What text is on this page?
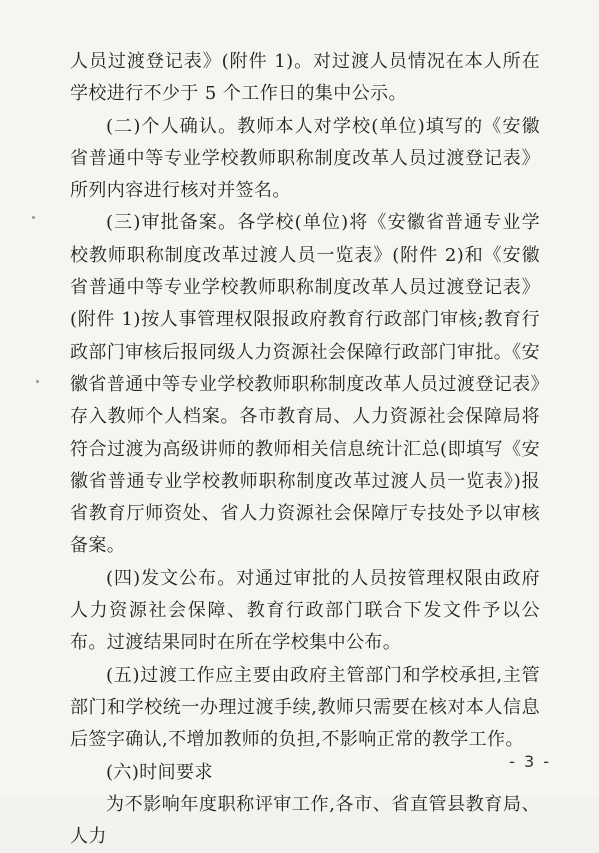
人员过渡登记表》(附件 1)。对过渡人员情况在本人所在学校进行不少于 5 个工作日的集中公示。

(二)个人确认。教师本人对学校(单位)填写的《安徽省普通中等专业学校教师职称制度改革人员过渡登记表》所列内容进行核对并签名。

(三)审批备案。各学校(单位)将《安徽省普通专业学校教师职称制度改革过渡人员一览表》(附件 2)和《安徽省普通中等专业学校教师职称制度改革人员过渡登记表》(附件 1)按人事管理权限报政府教育行政部门审核;教育行政部门审核后报同级人力资源社会保障行政部门审批。《安徽省普通中等专业学校教师职称制度改革人员过渡登记表》存入教师个人档案。各市教育局、人力资源社会保障局将符合过渡为高级讲师的教师相关信息统计汇总(即填写《安徽省普通专业学校教师职称制度改革过渡人员一览表》)报省教育厅师资处、省人力资源社会保障厅专技处予以审核备案。

(四)发文公布。对通过审批的人员按管理权限由政府人力资源社会保障、教育行政部门联合下发文件予以公布。过渡结果同时在所在学校集中公布。

(五)过渡工作应主要由政府主管部门和学校承担,主管部门和学校统一办理过渡手续,教师只需要在核对本人信息后签字确认,不增加教师的负担,不影响正常的教学工作。

(六)时间要求

为不影响年度职称评审工作,各市、省直管县教育局、人力

- 3 -
